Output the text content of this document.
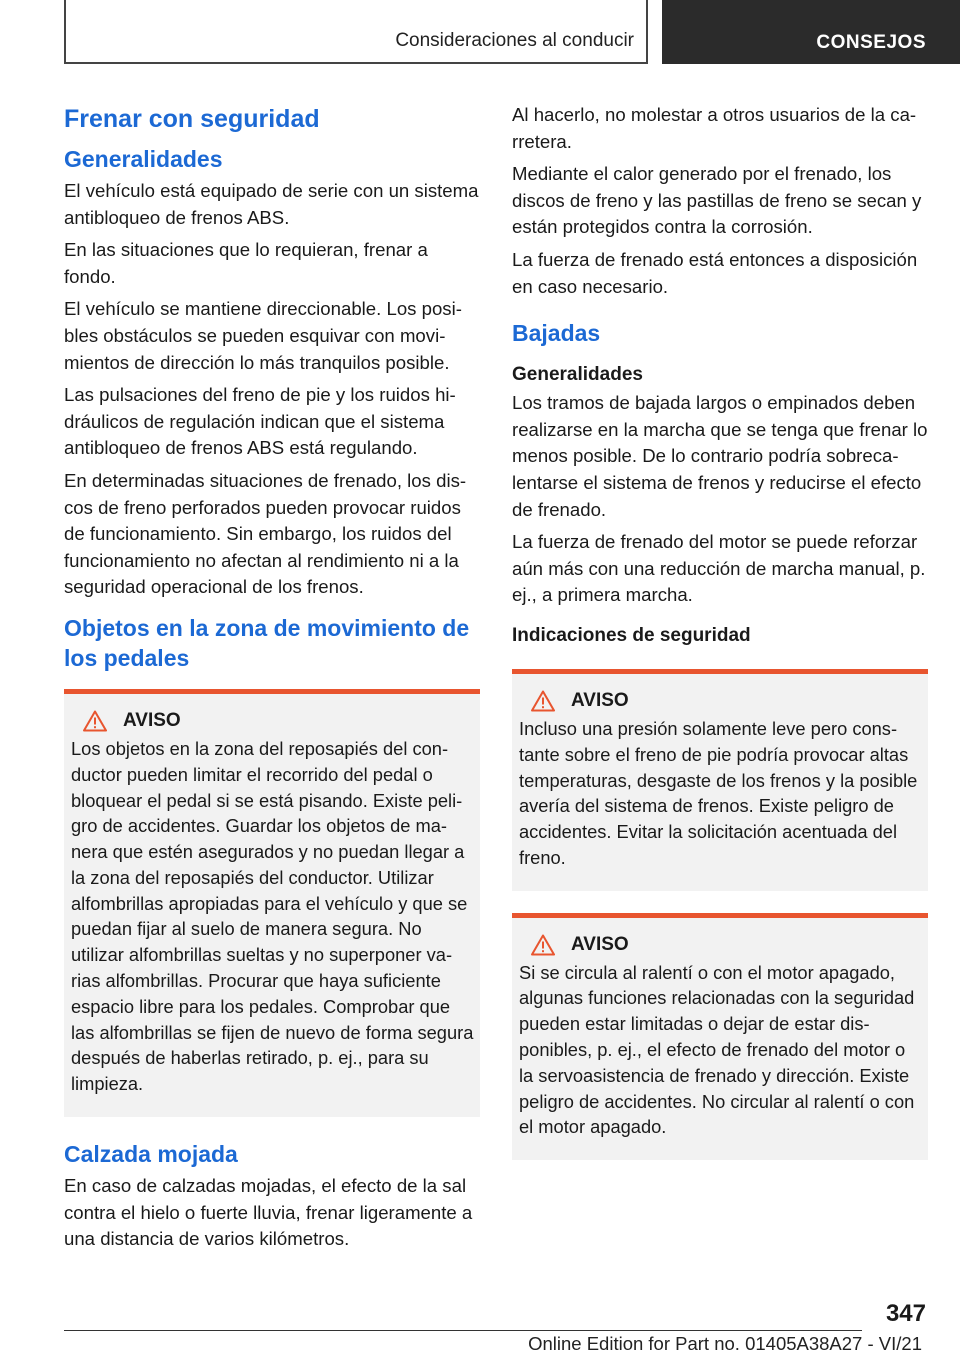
Consideraciones al conducir	CONSEJOS
Frenar con seguridad
Generalidades

El vehículo está equipado de serie con un sistema antibloqueo de frenos ABS.

En las situaciones que lo requieran, frenar a fondo.

El vehículo se mantiene direccionable. Los posibles obstáculos se pueden esquivar con movimientos de dirección lo más tranquilos posible.

Las pulsaciones del freno de pie y los ruidos hidráulicos de regulación indican que el sistema antibloqueo de frenos ABS está regulando.

En determinadas situaciones de frenado, los discos de freno perforados pueden provocar ruidos de funcionamiento. Sin embargo, los ruidos del funcionamiento no afectan al rendimiento ni a la seguridad operacional de los frenos.

Objetos en la zona de movimiento de los pedales
AVISO

Los objetos en la zona del reposapiés del conductor pueden limitar el recorrido del pedal o bloquear el pedal si se está pisando. Existe peligro de accidentes. Guardar los objetos de manera que estén asegurados y no puedan llegar a la zona del reposapiés del conductor. Utilizar alfombrillas apropiadas para el vehículo y que se puedan fijar al suelo de manera segura. No utilizar alfombrillas sueltas y no superponer varias alfombrillas. Procurar que haya suficiente espacio libre para los pedales. Comprobar que las alfombrillas se fijen de nuevo de forma segura después de haberlas retirado, p. ej., para su limpieza.

Calzada mojada

En caso de calzadas mojadas, el efecto de la sal contra el hielo o fuerte lluvia, frenar ligeramente a una distancia de varios kilómetros.

Al hacerlo, no molestar a otros usuarios de la carretera.

Mediante el calor generado por el frenado, los discos de freno y las pastillas de freno se secan y están protegidos contra la corrosión.

La fuerza de frenado está entonces a disposición en caso necesario.

Bajadas
Generalidades

Los tramos de bajada largos o empinados deben realizarse en la marcha que se tenga que frenar lo menos posible. De lo contrario podría sobrecalentarse el sistema de frenos y reducirse el efecto de frenado.

La fuerza de frenado del motor se puede reforzar aún más con una reducción de marcha manual, p. ej., a primera marcha.

Indicaciones de seguridad
AVISO

Incluso una presión solamente leve pero constante sobre el freno de pie podría provocar altas temperaturas, desgaste de los frenos y la posible avería del sistema de frenos. Existe peligro de accidentes. Evitar la solicitación acentuada del freno.

AVISO

Si se circula al ralentí o con el motor apagado, algunas funciones relacionadas con la seguridad pueden estar limitadas o dejar de estar disponibles, p. ej., el efecto de frenado del motor o la servoasistencia de frenado y dirección. Existe peligro de accidentes. No circular al ralentí o con el motor apagado.

347
Online Edition for Part no. 01405A38A27 - VI/21
